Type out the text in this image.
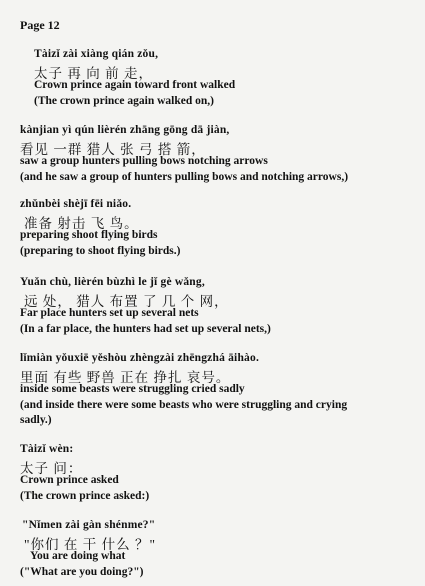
Page 12
Tàizǐ zài xiàng qián zǒu,
太子 再 向 前 走，
Crown prince again toward front walked
(The crown prince again walked on,)
kànjian yì qún lièrén zhāng gōng dā jiàn,
看见 一群 猎人 张 弓 搭 箭，
saw a group hunters pulling bows notching arrows
(and he saw a group of hunters pulling bows and notching arrows,)
zhǔnbèi shèjī fēi niǎo.
准备 射击 飞 鸟。
preparing shoot flying birds
(preparing to shoot flying birds.)
Yuǎn chù, lièrén bùzhì le jǐ gè wǎng,
远 处， 猎人 布置 了 几 个 网，
Far place hunters set up several nets
(In a far place, the hunters had set up several nets,)
lǐmiàn yǒuxiē yěshòu zhèngzài zhēngzhá āihào.
里面 有些 野兽 正在 挣扎 哀号。
inside some beasts were struggling cried sadly
(and inside there were some beasts who were struggling and crying
sadly.)
Tàizǐ wèn:
太子 问：
Crown prince asked
(The crown prince asked:)
"Nǐmen zài gàn shénme?"
"你们 在 干 什么 ？"
You are doing what
("What are you doing?")
